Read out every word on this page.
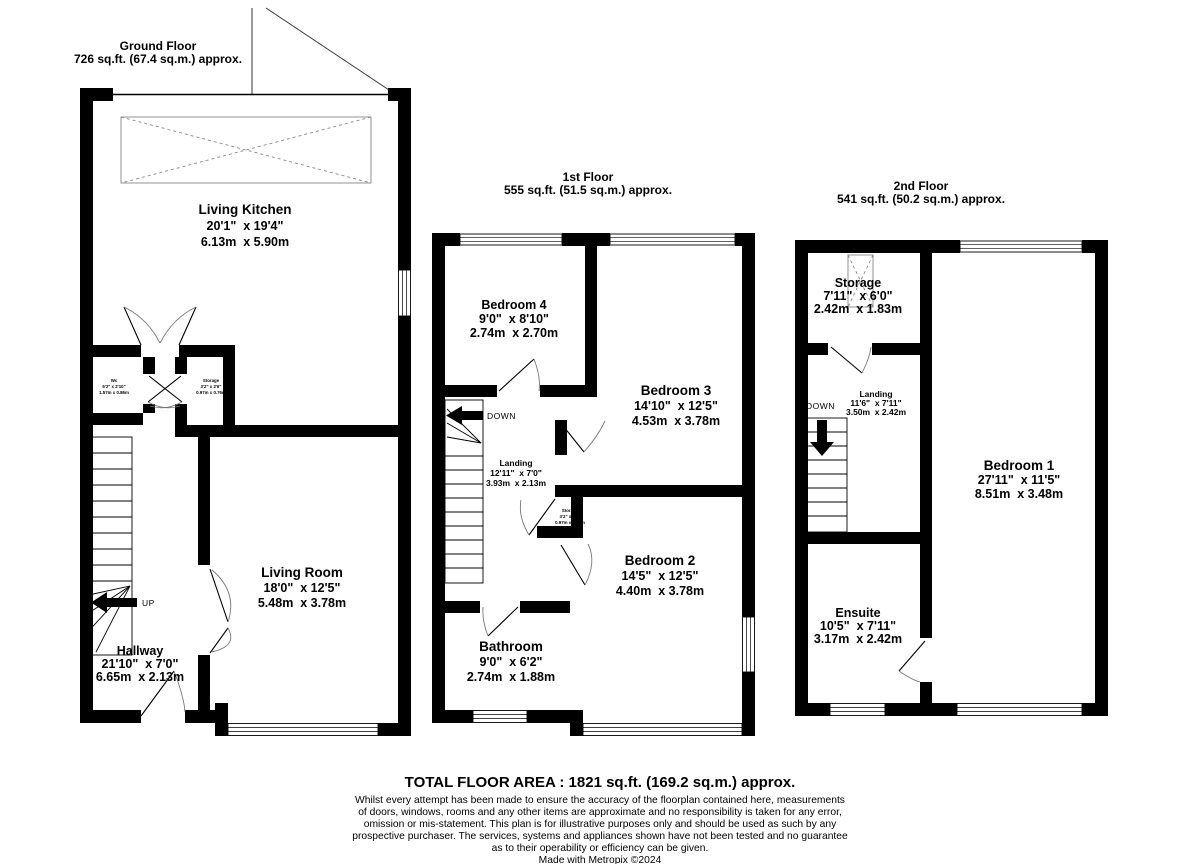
Ground Floor
726 sq.ft. (67.4 sq.m.) approx.
UP
Living Kitchen
20'1"  x 19'4"
6.13m  x 5.90m
Living Room
18'0"  x 12'5"
5.48m  x 3.78m
Hallway
21'10"  x 7'0"
6.65m  x 2.13m
Wc
5'2" x 2'10"
1.57m x 0.86m
Storage
3'2" x 2'6"
0.97m x 0.76m
1st Floor
555 sq.ft. (51.5 sq.m.) approx.
DOWN
Bedroom 4
9'0"  x 8'10"
2.74m  x 2.70m
Bedroom 3
14'10"  x 12'5"
4.53m  x 3.78m
Landing
12'11"  x 7'0"
3.93m  x 2.13m
Storage
3'2" x 2'6"
0.97m x 0.76m
Bedroom 2
14'5"  x 12'5"
4.40m  x 3.78m
Bathroom
9'0"  x 6'2"
2.74m  x 1.88m
2nd Floor
541 sq.ft. (50.2 sq.m.) approx.
DOWN
Storage
7'11"  x 6'0"
2.42m  x 1.83m
Landing
11'6"  x 7'11"
3.50m  x 2.42m
Bedroom 1
27'11"  x 11'5"
8.51m  x 3.48m
Ensuite
10'5"  x 7'11"
3.17m  x 2.42m
TOTAL FLOOR AREA : 1821 sq.ft. (169.2 sq.m.) approx.
Whilst every attempt has been made to ensure the accuracy of the floorplan contained here, measurements
of doors, windows, rooms and any other items are approximate and no responsibility is taken for any error,
omission or mis-statement. This plan is for illustrative purposes only and should be used as such by any
prospective purchaser. The services, systems and appliances shown have not been tested and no guarantee
as to their operability or efficiency can be given.
Made with Metropix ©2024
